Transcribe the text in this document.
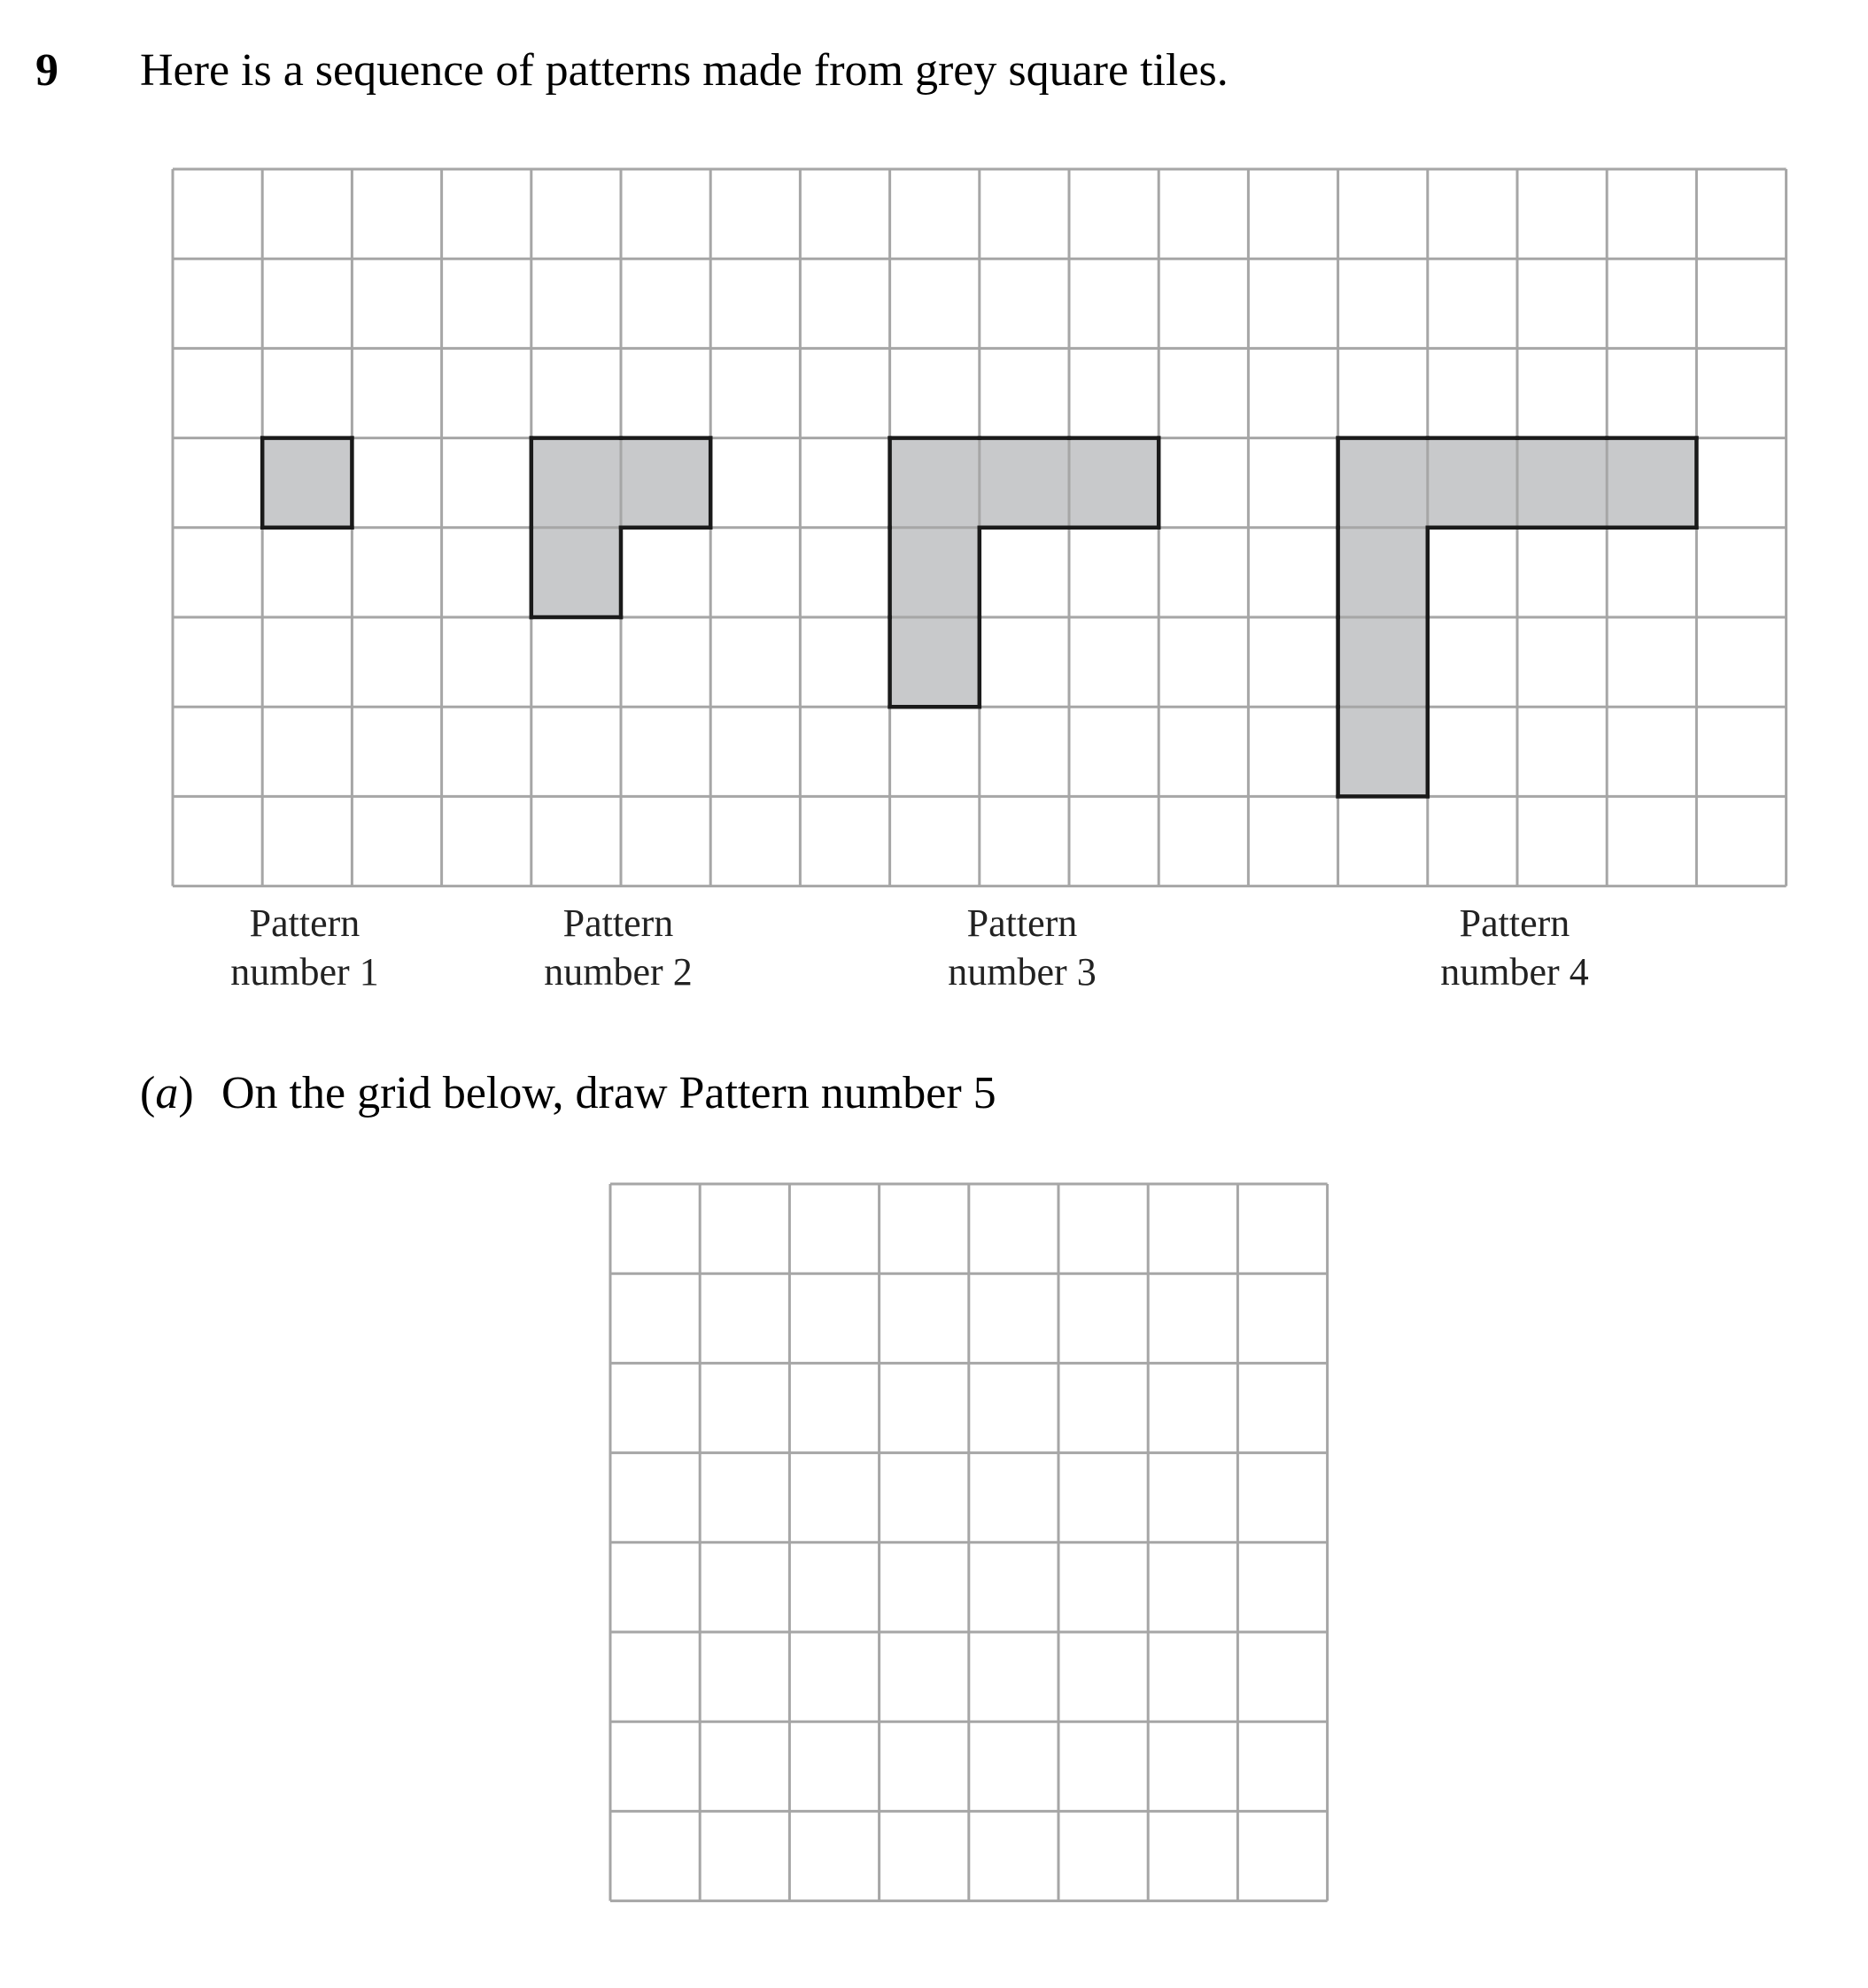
9 Here is a sequence of patterns made from grey square tiles.
Pattern
number 1
Pattern
number 2
Pattern
number 3
Pattern
number 4
(a) On the grid below, draw Pattern number 5
